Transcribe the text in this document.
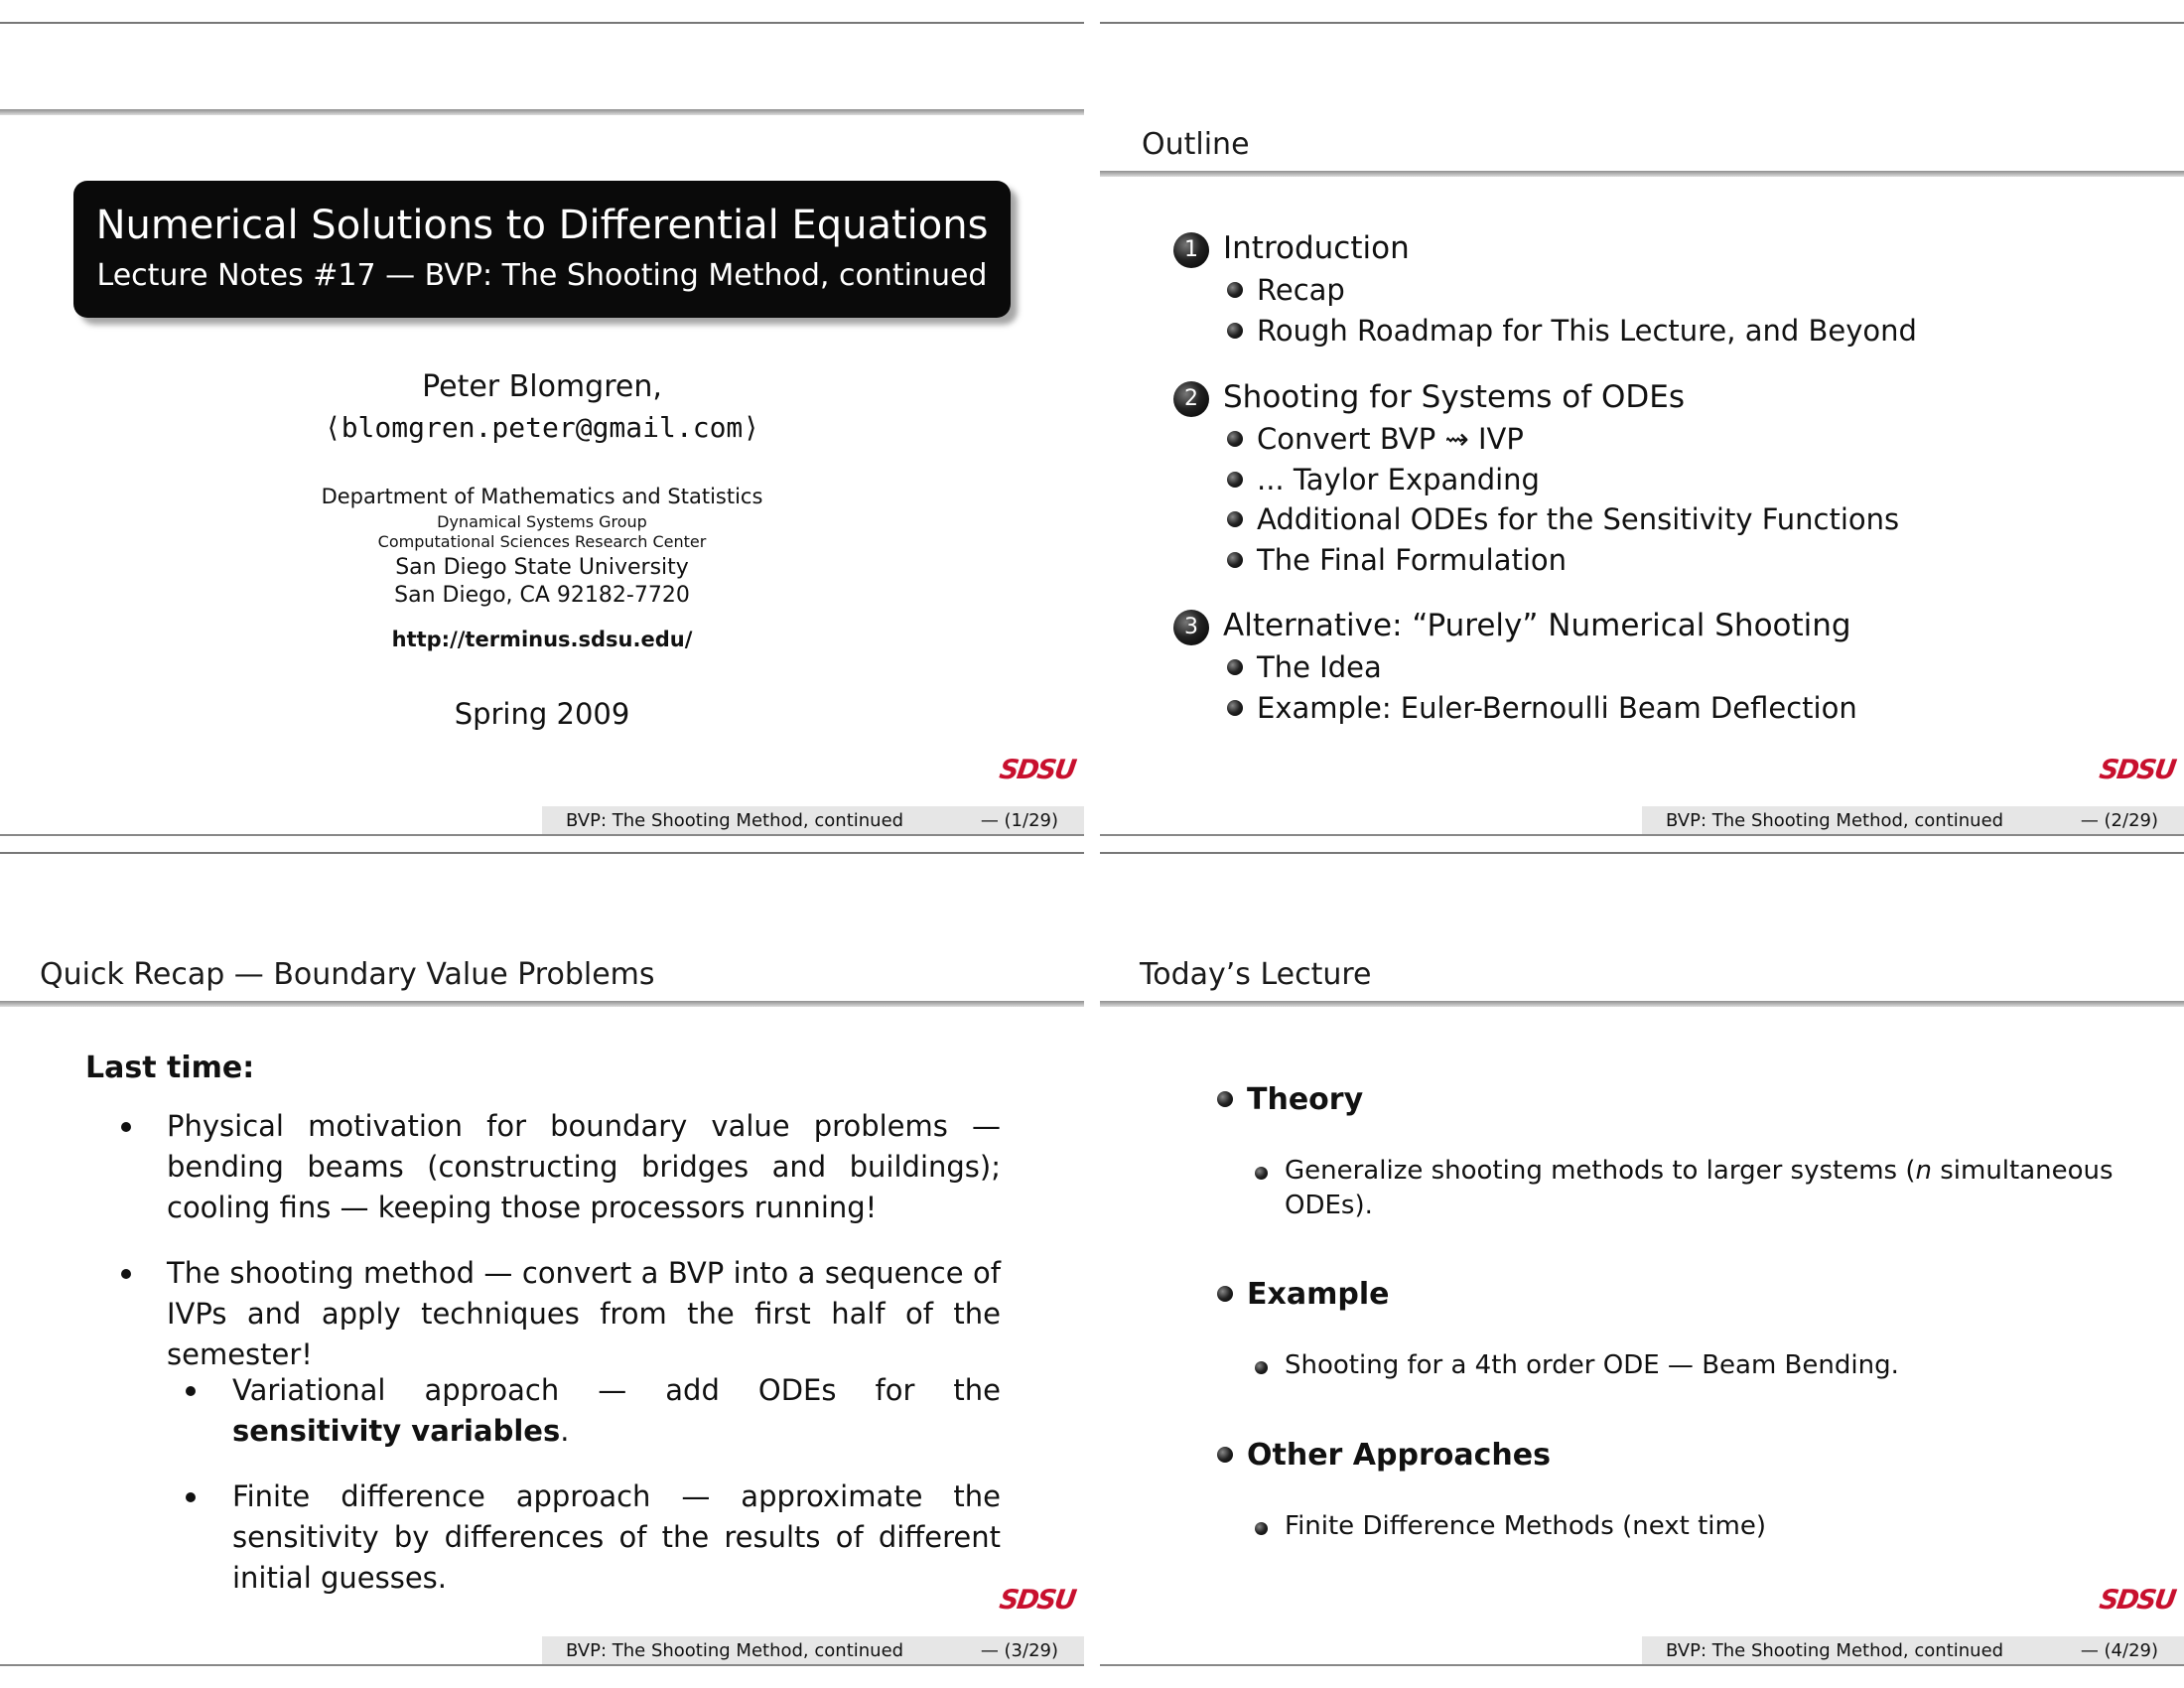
Numerical Solutions to Differential Equations
Lecture Notes #17 — BVP: The Shooting Method, continued
Peter Blomgren,
⟨blomgren.peter@gmail.com⟩
Department of Mathematics and Statistics
Dynamical Systems Group
Computational Sciences Research Center
San Diego State University
San Diego, CA 92182-7720
http://terminus.sdsu.edu/
Spring 2009
SDSU
BVP: The Shooting Method, continued	— (1/29)
Outline
1 Introduction
Recap
Rough Roadmap for This Lecture, and Beyond
2 Shooting for Systems of ODEs
Convert BVP ⇝ IVP
... Taylor Expanding
Additional ODEs for the Sensitivity Functions
The Final Formulation
3 Alternative: “Purely” Numerical Shooting
The Idea
Example: Euler-Bernoulli Beam Deflection
SDSU
BVP: The Shooting Method, continued	— (2/29)
Quick Recap — Boundary Value Problems
Last time:
Physical motivation for boundary value problems — bending beams (constructing bridges and buildings); cooling fins — keeping those processors running!
The shooting method — convert a BVP into a sequence of IVPs and apply techniques from the first half of the semester!
Variational approach — add ODEs for the sensitivity variables.
Finite difference approach — approximate the sensitivity by differences of the results of different initial guesses.
SDSU
BVP: The Shooting Method, continued	— (3/29)
Today’s Lecture
Theory
Generalize shooting methods to larger systems (n simultaneous ODEs).
Example
Shooting for a 4th order ODE — Beam Bending.
Other Approaches
Finite Difference Methods (next time)
SDSU
BVP: The Shooting Method, continued	— (4/29)
